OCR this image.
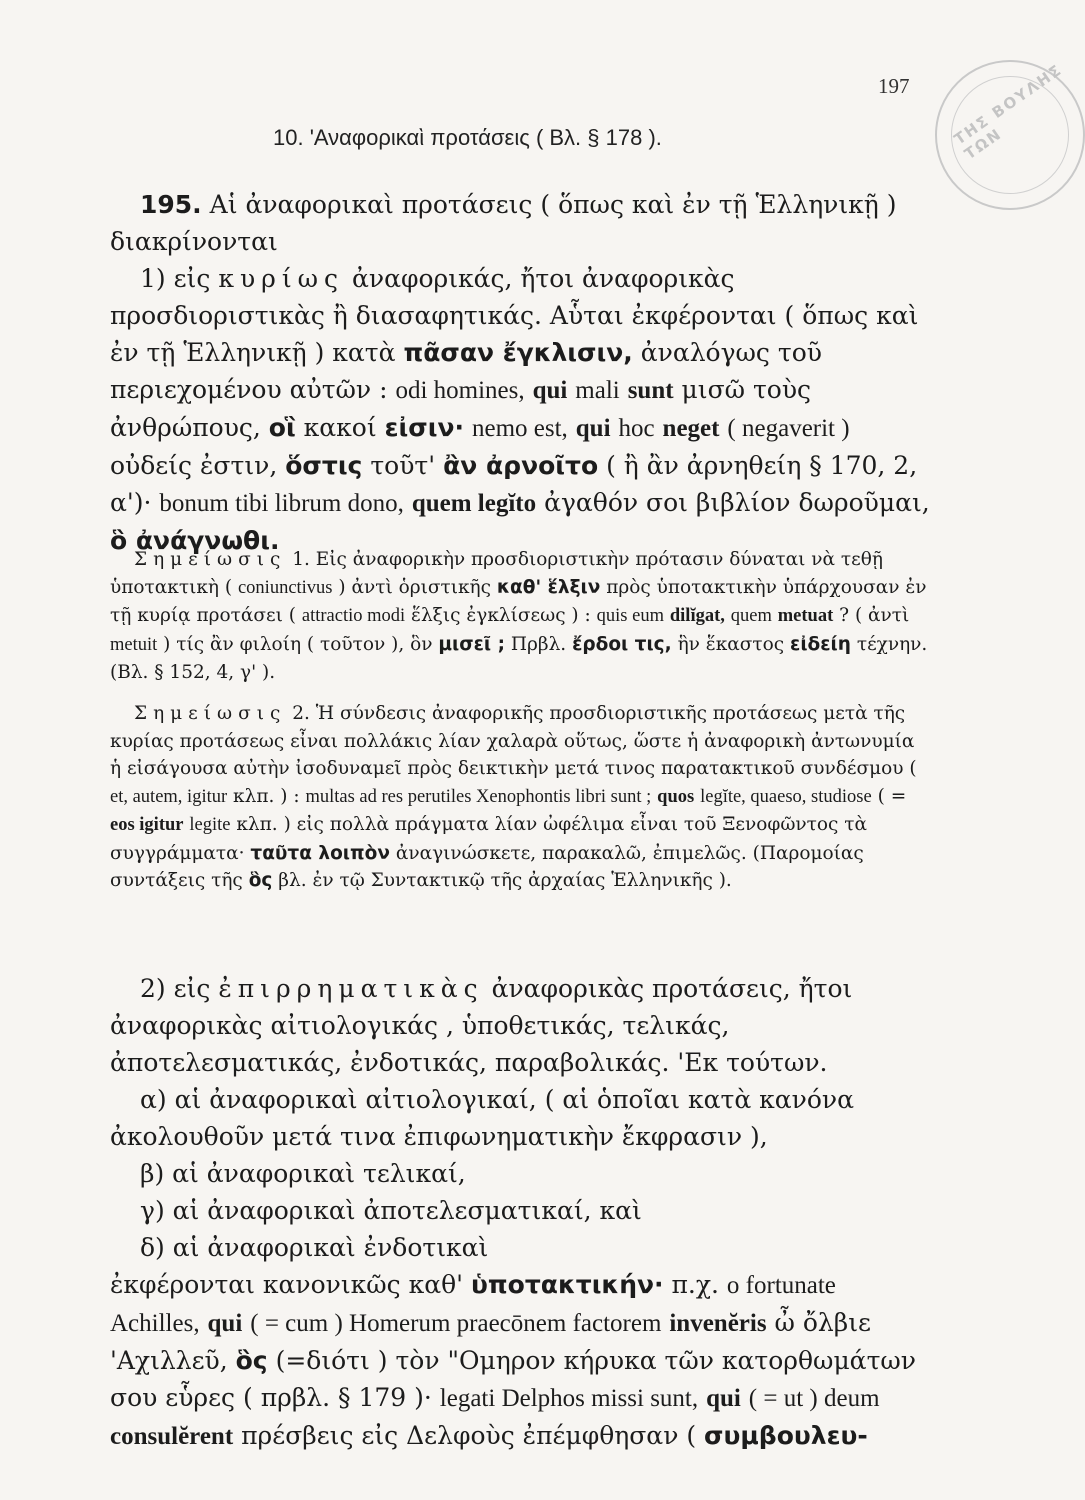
ΤΗΣ ΒΟΥΛΗΣ ΤΩΝ
197
10. 'Αναφορικαὶ προτάσεις ( Βλ. § 178 ).

195. Αἱ ἀναφορικαὶ προτάσεις ( ὅπως καὶ ἐν τῇ Ἑλληνικῇ ) διακρίνονται

1) εἰς κυρίως ἀναφορικάς, ἤτοι ἀναφορικὰς προσδιοριστικὰς ἢ διασαφητικάς. Αὗται ἐκφέρονται ( ὅπως καὶ ἐν τῇ Ἑλληνικῇ ) κατὰ πᾶσαν ἔγκλισιν, ἀναλόγως τοῦ περιεχομένου αὐτῶν : odi homines, qui mali sunt μισῶ τοὺς ἀνθρώπους, οἳ κακοί εἰσιν· nemo est, qui hoc neget ( negaverit ) οὐδείς ἐστιν, ὅστις τοῦτ' ἂν ἀρνοῖτο ( ἢ ἂν ἀρνηθείη § 170, 2, α')· bonum tibi librum dono, quem legĭto ἀγαθόν σοι βιβλίον δωροῦμαι, ὃ ἀνάγνωθι.

Σημείωσις 1. Εἰς ἀναφορικὴν προσδιοριστικὴν πρότασιν δύναται νὰ τεθῇ ὑποτακτικὴ ( coniunctivus ) ἀντὶ ὁριστικῆς καθ' ἕλξιν πρὸς ὑποτακτικὴν ὑπάρχουσαν ἐν τῇ κυρίᾳ προτάσει ( attractio modi ἕλξις ἐγκλίσεως ) : quis eum dilĭgat, quem metuat ? ( ἀντὶ metuit ) τίς ἂν φιλοίη ( τοῦτον ), ὃν μισεῖ ; Πρβλ. ἔρδοι τις, ἣν ἕκαστος εἰδείη τέχνην. (Βλ. § 152, 4, γ' ).

Σημείωσις 2. Ἡ σύνδεσις ἀναφορικῆς προσδιοριστικῆς προτάσεως μετὰ τῆς κυρίας προτάσεως εἶναι πολλάκις λίαν χαλαρὰ οὕτως, ὥστε ἡ ἀναφορικὴ ἀντωνυμία ἡ εἰσάγουσα αὐτὴν ἰσοδυναμεῖ πρὸς δεικτικὴν μετά τινος παρατακτικοῦ συνδέσμου ( et, autem, igitur κλπ. ) : multas ad res perutiles Xenophontis libri sunt ; quos legĭte, quaeso, studiose ( = eos igitur legite κλπ. ) εἰς πολλὰ πράγματα λίαν ὠφέλιμα εἶναι τοῦ Ξενοφῶντος τὰ συγγράμματα· ταῦτα λοιπὸν ἀναγινώσκετε, παρακαλῶ, ἐπιμελῶς. (Παρομοίας συντάξεις τῆς ὃς βλ. ἐν τῷ Συντακτικῷ τῆς ἀρχαίας Ἑλληνικῆς ).

2) εἰς ἐπιρρηματικὰς ἀναφορικὰς προτάσεις, ἤτοι ἀναφορικὰς αἰτιολογικάς , ὑποθετικάς, τελικάς, ἀποτελεσματικάς, ἐνδοτικάς, παραβολικάς. 'Εκ τούτων.

α) αἱ ἀναφορικαὶ αἰτιολογικαί, ( αἱ ὁποῖαι κατὰ κανόνα ἀκολουθοῦν μετά τινα ἐπιφωνηματικὴν ἔκφρασιν ),

β) αἱ ἀναφορικαὶ τελικαί,

γ) αἱ ἀναφορικαὶ ἀποτελεσματικαί, καὶ

δ) αἱ ἀναφορικαὶ ἐνδοτικαὶ

ἐκφέρονται κανονικῶς καθ' ὑποτακτικήν· π.χ. o fortunate Achilles, qui ( = cum ) Homerum praecōnem factorem invenĕris ὦ ὄλβιε 'Αχιλλεῦ, ὃς (=διότι ) τὸν "Ομηρον κήρυκα τῶν κατορθωμάτων σου εὗρες ( πρβλ. § 179 )· legati Delphos missi sunt, qui ( = ut ) deum consulĕrent πρέσβεις εἰς Δελφοὺς ἐπέμφθησαν ( συμβουλευ-
